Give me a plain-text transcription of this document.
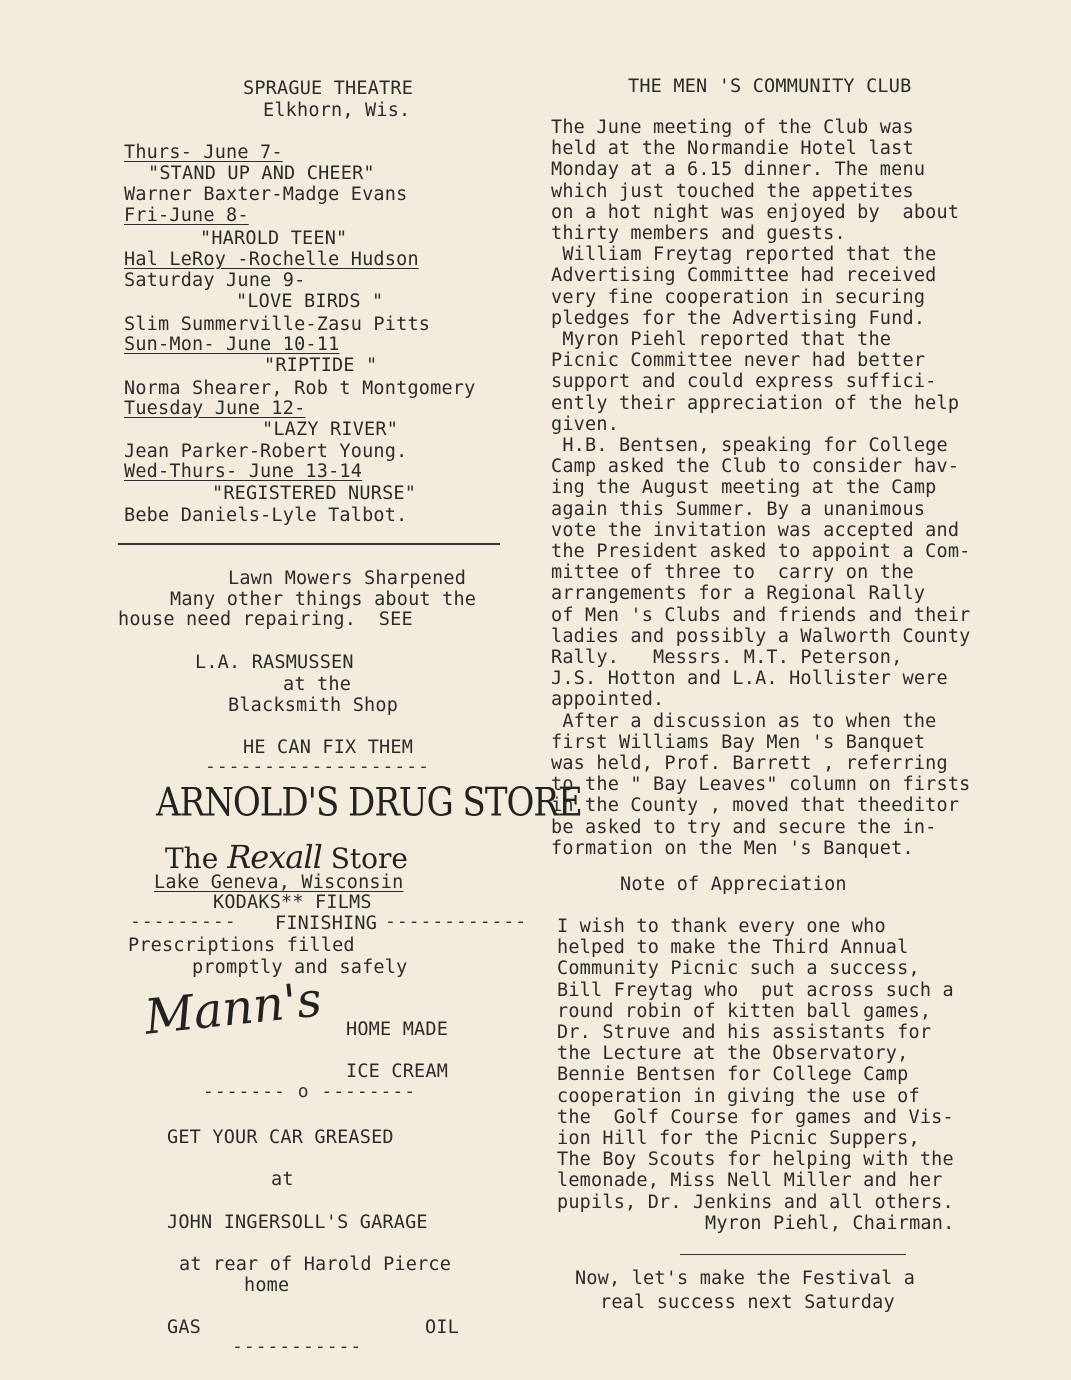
SPRAGUE THEATRE
Elkhorn, Wis.
Thurs- June 7-
"STAND UP AND CHEER"
Warner Baxter-Madge Evans
Fri-June 8-
"HAROLD TEEN"
Hal LeRoy -Rochelle Hudson
Saturday June 9-
"LOVE BIRDS "
Slim Summerville-Zasu Pitts
Sun-Mon- June 10-11
"RIPTIDE "
Norma Shearer, Rob t Montgomery
Tuesday June 12-
"LAZY RIVER"
Jean Parker-Robert Young.
Wed-Thurs- June 13-14
"REGISTERED NURSE"
Bebe Daniels-Lyle Talbot.
Lawn Mowers Sharpened
Many other things about the
house need repairing.  SEE
L.A. RASMUSSEN
at the
Blacksmith Shop
HE CAN FIX THEM
-------------------
ARNOLD'S DRUG STORE
The Rexall Store
Lake Geneva, Wisconsin
KODAKS** FILMS
--------- FINISHING ------------
Prescriptions filled
promptly and safely
Mann's HOME MADE
ICE CREAM
------- o --------
GET YOUR CAR GREASED
at
JOHN INGERSOLL'S GARAGE
at rear of Harold Pierce
home
GAS	OIL
-----------
THE MEN 'S COMMUNITY CLUB
The June meeting of the Club was
held at the Normandie Hotel last
Monday at a 6.15 dinner. The menu
which just touched the appetites
on a hot night was enjoyed by  about
thirty members and guests.
William Freytag reported that the
Advertising Committee had received
very fine cooperation in securing
pledges for the Advertising Fund.
Myron Piehl reported that the
Picnic Committee never had better
support and could express suffici-
ently their appreciation of the help
given.
H.B. Bentsen, speaking for College
Camp asked the Club to consider hav-
ing the August meeting at the Camp
again this Summer. By a unanimous
vote the invitation was accepted and
the President asked to appoint a Com-
mittee of three to  carry on the
arrangements for a Regional Rally
of Men 's Clubs and friends and their
ladies and possibly a Walworth County
Rally.   Messrs. M.T. Peterson,
J.S. Hotton and L.A. Hollister were
appointed.
After a discussion as to when the
first Williams Bay Men 's Banquet
was held, Prof. Barrett , referring
to the " Bay Leaves" column on firsts
in the County , moved that theeditor
be asked to try and secure the in-
formation on the Men 's Banquet.
Note of Appreciation
I wish to thank every one who
helped to make the Third Annual
Community Picnic such a success,
Bill Freytag who  put across such a
round robin of kitten ball games,
Dr. Struve and his assistants for
the Lecture at the Observatory,
Bennie Bentsen for College Camp
cooperation in giving the use of
the  Golf Course for games and Vis-
ion Hill for the Picnic Suppers,
The Boy Scouts for helping with the
lemonade, Miss Nell Miller and her
pupils, Dr. Jenkins and all others.
Myron Piehl, Chairman.
Now, let's make the Festival a
real success next Saturday
